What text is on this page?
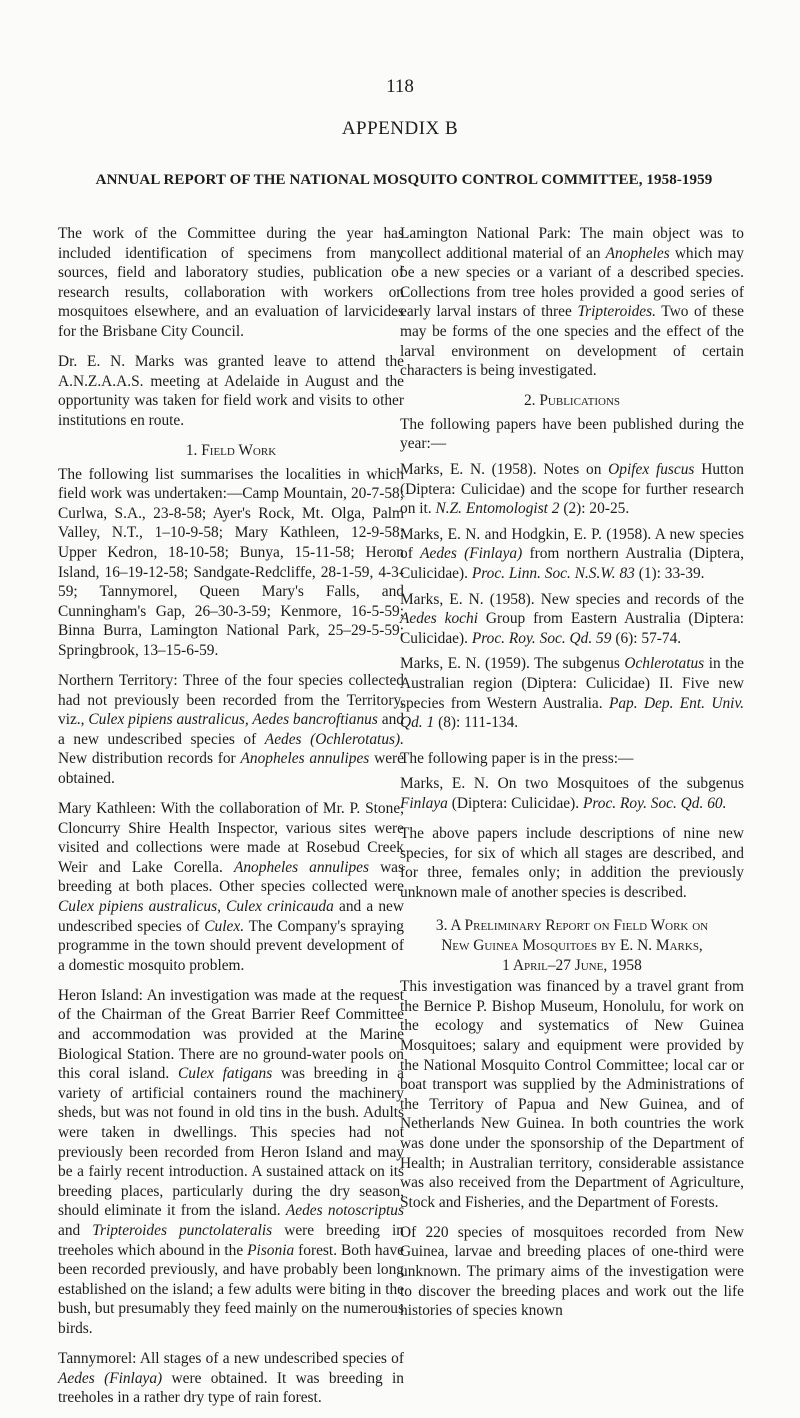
118
APPENDIX B
ANNUAL REPORT OF THE NATIONAL MOSQUITO CONTROL COMMITTEE, 1958-1959

The work of the Committee during the year has included identification of specimens from many sources, field and laboratory studies, publication of research results, collaboration with workers on mosquitoes elsewhere, and an evaluation of larvicides for the Brisbane City Council.

Dr. E. N. Marks was granted leave to attend the A.N.Z.A.A.S. meeting at Adelaide in August and the opportunity was taken for field work and visits to other institutions en route.

1. Field Work

The following list summarises the localities in which field work was undertaken:—Camp Mountain, 20-7-58; Curlwa, S.A., 23-8-58; Ayer's Rock, Mt. Olga, Palm Valley, N.T., 1–10-9-58; Mary Kathleen, 12-9-58; Upper Kedron, 18-10-58; Bunya, 15-11-58; Heron Island, 16–19-12-58; Sandgate-Redcliffe, 28-1-59, 4-3-59; Tannymorel, Queen Mary's Falls, and Cunningham's Gap, 26–30-3-59; Kenmore, 16-5-59; Binna Burra, Lamington National Park, 25–29-5-59; Springbrook, 13–15-6-59.

Northern Territory: Three of the four species collected had not previously been recorded from the Territory, viz., Culex pipiens australicus, Aedes bancroftianus and a new undescribed species of Aedes (Ochlerotatus). New distribution records for Anopheles annulipes were obtained.

Mary Kathleen: With the collaboration of Mr. P. Stone, Cloncurry Shire Health Inspector, various sites were visited and collections were made at Rosebud Creek Weir and Lake Corella. Anopheles annulipes was breeding at both places. Other species collected were Culex pipiens australicus, Culex crinicauda and a new undescribed species of Culex. The Company's spraying programme in the town should prevent development of a domestic mosquito problem.

Heron Island: An investigation was made at the request of the Chairman of the Great Barrier Reef Committee and accommodation was provided at the Marine Biological Station. There are no ground-water pools on this coral island. Culex fatigans was breeding in a variety of artificial containers round the machinery sheds, but was not found in old tins in the bush. Adults were taken in dwellings. This species had not previously been recorded from Heron Island and may be a fairly recent introduction. A sustained attack on its breeding places, particularly during the dry season, should eliminate it from the island. Aedes notoscriptus and Tripteroides punctolateralis were breeding in treeholes which abound in the Pisonia forest. Both have been recorded previously, and have probably been long established on the island; a few adults were biting in the bush, but presumably they feed mainly on the numerous birds.

Tannymorel: All stages of a new undescribed species of Aedes (Finlaya) were obtained. It was breeding in treeholes in a rather dry type of rain forest.

Lamington National Park: The main object was to collect additional material of an Anopheles which may be a new species or a variant of a described species. Collections from tree holes provided a good series of early larval instars of three Tripteroides. Two of these may be forms of the one species and the effect of the larval environment on development of certain characters is being investigated.

2. Publications

The following papers have been published during the year:—

Marks, E. N. (1958). Notes on Opifex fuscus Hutton (Diptera: Culicidae) and the scope for further research on it. N.Z. Entomologist 2 (2): 20-25.

Marks, E. N. and Hodgkin, E. P. (1958). A new species of Aedes (Finlaya) from northern Australia (Diptera, Culicidae). Proc. Linn. Soc. N.S.W. 83 (1): 33-39.

Marks, E. N. (1958). New species and records of the Aedes kochi Group from Eastern Australia (Diptera: Culicidae). Proc. Roy. Soc. Qd. 59 (6): 57-74.

Marks, E. N. (1959). The subgenus Ochlerotatus in the Australian region (Diptera: Culicidae) II. Five new species from Western Australia. Pap. Dep. Ent. Univ. Qd. 1 (8): 111-134.

The following paper is in the press:—

Marks, E. N. On two Mosquitoes of the subgenus Finlaya (Diptera: Culicidae). Proc. Roy. Soc. Qd. 60.

The above papers include descriptions of nine new species, for six of which all stages are described, and for three, females only; in addition the previously unknown male of another species is described.

3. A Preliminary Report on Field Work on
New Guinea Mosquitoes by E. N. Marks,
1 April–27 June, 1958

This investigation was financed by a travel grant from the Bernice P. Bishop Museum, Honolulu, for work on the ecology and systematics of New Guinea Mosquitoes; salary and equipment were provided by the National Mosquito Control Committee; local car or boat transport was supplied by the Administrations of the Territory of Papua and New Guinea, and of Netherlands New Guinea. In both countries the work was done under the sponsorship of the Department of Health; in Australian territory, considerable assistance was also received from the Department of Agriculture, Stock and Fisheries, and the Department of Forests.

Of 220 species of mosquitoes recorded from New Guinea, larvae and breeding places of one-third were unknown. The primary aims of the investigation were to discover the breeding places and work out the life histories of species known
